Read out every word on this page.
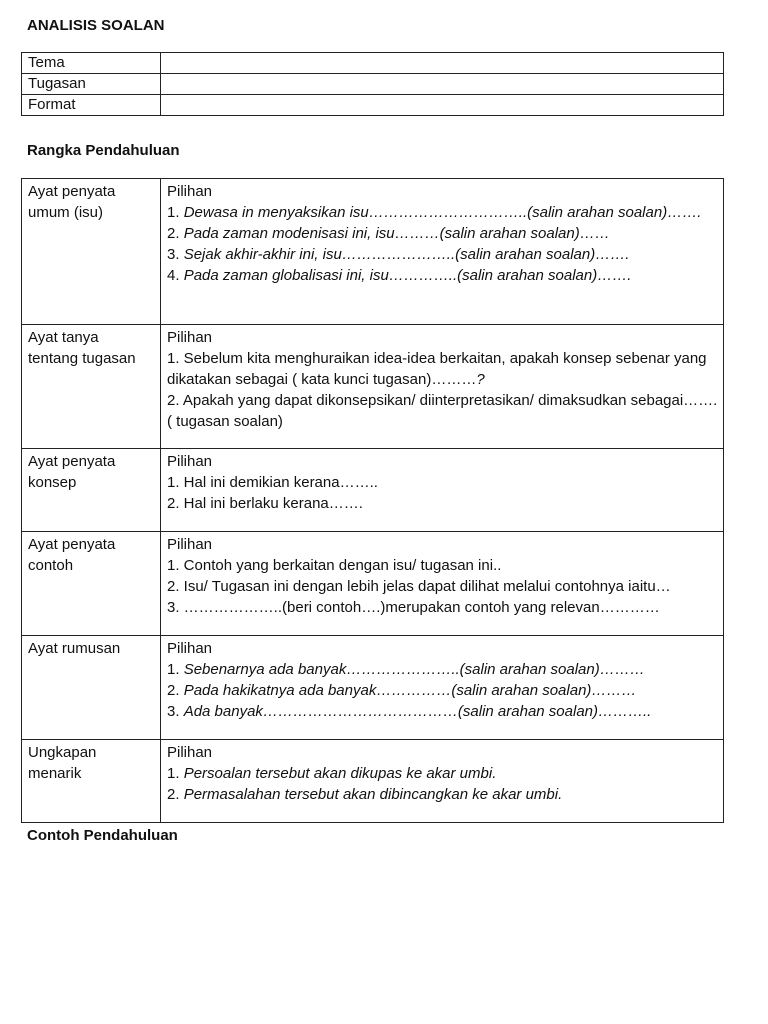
ANALISIS SOALAN
Tema	
Tugasan	
Format	
Rangka Pendahuluan
Ayat penyata
umum (isu)	Pilihan
1. Dewasa in menyaksikan isu…………………………..(salin arahan soalan)…….
2. Pada zaman modenisasi ini, isu………(salin arahan soalan)……
3. Sejak akhir-akhir ini, isu…………………..(salin arahan soalan)…….
4. Pada zaman globalisasi ini, isu…………..(salin arahan soalan)…….

Ayat tanya
tentang tugasan	Pilihan
1. Sebelum kita menghuraikan idea-idea berkaitan, apakah konsep sebenar yang dikatakan sebagai ( kata kunci tugasan)………?
2. Apakah yang dapat dikonsepsikan/ diinterpretasikan/ dimaksudkan sebagai…….( tugasan soalan)

Ayat penyata
konsep	Pilihan
1. Hal ini demikian kerana……..
2. Hal ini berlaku kerana…….

Ayat penyata
contoh	Pilihan
1. Contoh yang berkaitan dengan isu/ tugasan ini..
2. Isu/ Tugasan ini dengan lebih jelas dapat dilihat melalui contohnya iaitu…
3. ………………..(beri contoh….)merupakan contoh yang relevan…………

Ayat rumusan	Pilihan
1. Sebenarnya ada banyak…………………..(salin arahan soalan)………
2. Pada hakikatnya ada banyak……………(salin arahan soalan)………
3. Ada banyak…………………………………(salin arahan soalan)………..

Ungkapan
menarik	Pilihan
1. Persoalan tersebut akan dikupas ke akar umbi.
2. Permasalahan tersebut akan dibincangkan ke akar umbi.
Contoh Pendahuluan
